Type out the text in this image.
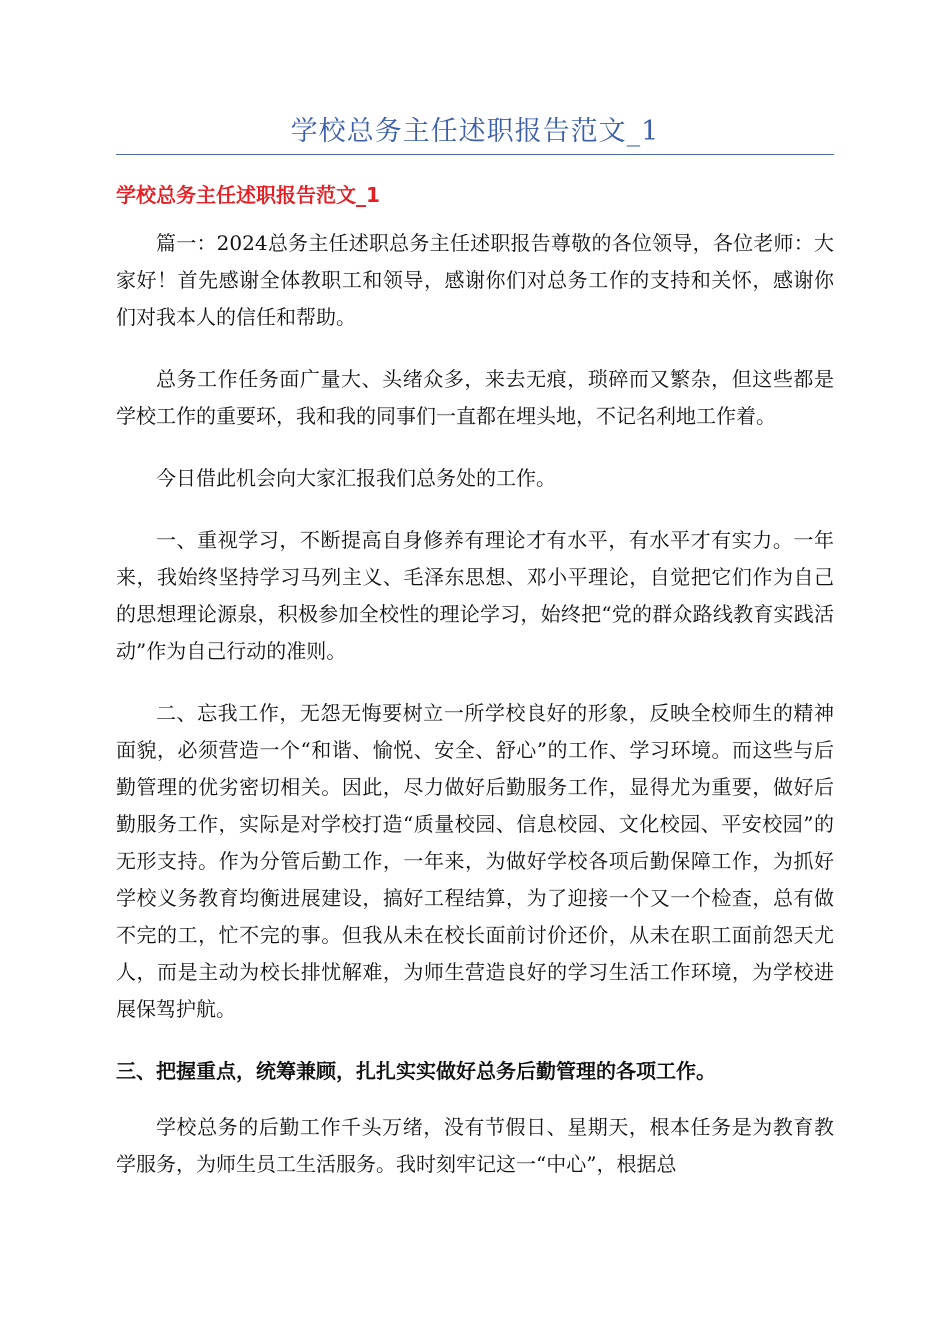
学校总务主任述职报告范文_1
学校总务主任述职报告范文_1

篇一：2024总务主任述职总务主任述职报告尊敬的各位领导，各位老师：大家好！首先感谢全体教职工和领导，感谢你们对总务工作的支持和关怀，感谢你们对我本人的信任和帮助。

总务工作任务面广量大、头绪众多，来去无痕，琐碎而又繁杂，但这些都是学校工作的重要环，我和我的同事们一直都在埋头地，不记名利地工作着。

今日借此机会向大家汇报我们总务处的工作。

一、重视学习，不断提高自身修养有理论才有水平，有水平才有实力。一年来，我始终坚持学习马列主义、毛泽东思想、邓小平理论，自觉把它们作为自己的思想理论源泉，积极参加全校性的理论学习，始终把“党的群众路线教育实践活动”作为自己行动的准则。

二、忘我工作，无怨无悔要树立一所学校良好的形象，反映全校师生的精神面貌，必须营造一个“和谐、愉悦、安全、舒心”的工作、学习环境。而这些与后勤管理的优劣密切相关。因此，尽力做好后勤服务工作，显得尤为重要，做好后勤服务工作，实际是对学校打造“质量校园、信息校园、文化校园、平安校园”的无形支持。作为分管后勤工作，一年来，为做好学校各项后勤保障工作，为抓好学校义务教育均衡进展建设，搞好工程结算，为了迎接一个又一个检查，总有做不完的工，忙不完的事。但我从未在校长面前讨价还价，从未在职工面前怨天尤人，而是主动为校长排忧解难，为师生营造良好的学习生活工作环境，为学校进展保驾护航。

三、把握重点，统筹兼顾，扎扎实实做好总务后勤管理的各项工作。

学校总务的后勤工作千头万绪，没有节假日、星期天，根本任务是为教育教学服务，为师生员工生活服务。我时刻牢记这一“中心”，根据总
